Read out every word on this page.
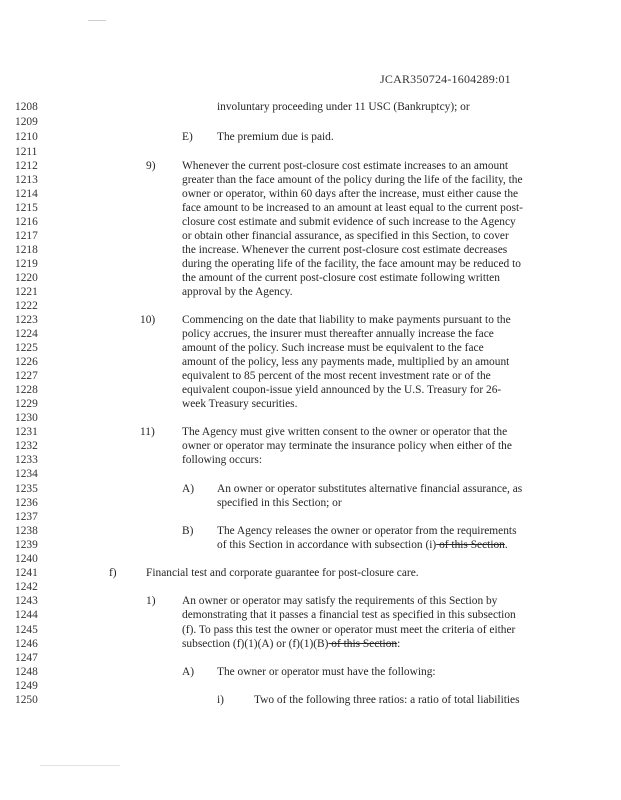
JCAR350724-1604289:01
1208
1209
1210
1211
1212
1213
1214
1215
1216
1217
1218
1219
1220
1221
1222
1223
1224
1225
1226
1227
1228
1229
1230
1231
1232
1233
1234
1235
1236
1237
1238
1239
1240
1241
1242
1243
1244
1245
1246
1247
1248
1249
1250
involuntary proceeding under 11 USC (Bankruptcy); or
E) The premium due is paid.
9) Whenever the current post-closure cost estimate increases to an amount
greater than the face amount of the policy during the life of the facility, the
owner or operator, within 60 days after the increase, must either cause the
face amount to be increased to an amount at least equal to the current post-
closure cost estimate and submit evidence of such increase to the Agency
or obtain other financial assurance, as specified in this Section, to cover
the increase. Whenever the current post-closure cost estimate decreases
during the operating life of the facility, the face amount may be reduced to
the amount of the current post-closure cost estimate following written
approval by the Agency.
10) Commencing on the date that liability to make payments pursuant to the
policy accrues, the insurer must thereafter annually increase the face
amount of the policy. Such increase must be equivalent to the face
amount of the policy, less any payments made, multiplied by an amount
equivalent to 85 percent of the most recent investment rate or of the
equivalent coupon-issue yield announced by the U.S. Treasury for 26-
week Treasury securities.
11) The Agency must give written consent to the owner or operator that the
owner or operator may terminate the insurance policy when either of the
following occurs:
A) An owner or operator substitutes alternative financial assurance, as
specified in this Section; or
B) The Agency releases the owner or operator from the requirements
of this Section in accordance with subsection (i) of this Section.
f)	Financial test and corporate guarantee for post-closure care.
1) An owner or operator may satisfy the requirements of this Section by
demonstrating that it passes a financial test as specified in this subsection
(f). To pass this test the owner or operator must meet the criteria of either
subsection (f)(1)(A) or (f)(1)(B) of this Section:
A) The owner or operator must have the following:
i)	Two of the following three ratios: a ratio of total liabilities
